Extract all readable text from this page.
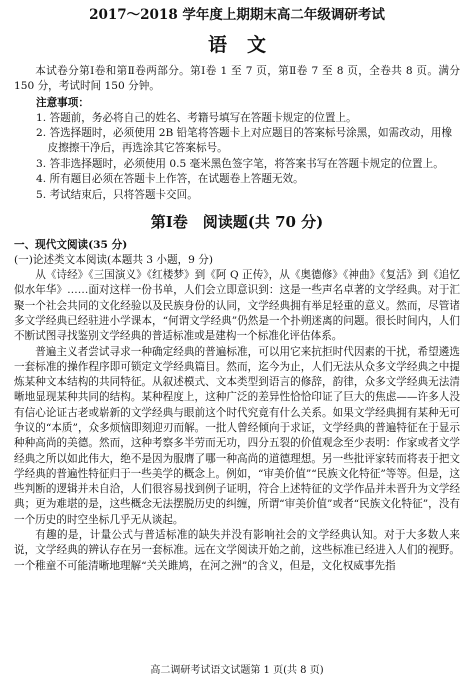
2017～2018 学年度上期期末高二年级调研考试
语文

本试卷分第Ⅰ卷和第Ⅱ卷两部分。第Ⅰ卷 1 至 7 页，第Ⅱ卷 7 至 8 页，全卷共 8 页。满分 150 分，考试时间 150 分钟。

注意事项：
1. 答题前，务必将自己的姓名、考籍号填写在答题卡规定的位置上。
2. 答选择题时，必须使用 2B 铅笔将答题卡上对应题目的答案标号涂黑，如需改动，用橡皮擦擦干净后，再选涂其它答案标号。
3. 答非选择题时，必须使用 0.5 毫米黑色签字笔，将答案书写在答题卡规定的位置上。
4. 所有题目必须在答题卡上作答，在试题卷上答题无效。
5. 考试结束后，只将答题卡交回。
第Ⅰ卷　阅读题(共 70 分)
一、现代文阅读(35 分)
(一)论述类文本阅读(本题共 3 小题，9 分)

从《诗经》《三国演义》《红楼梦》到《阿 Q 正传》，从《奥德修》《神曲》《复活》到《追忆似水年华》……面对这样一份书单，人们会立即意识到：这是一些声名卓著的文学经典。对于汇聚一个社会共同的文化经验以及民族身份的认同，文学经典拥有举足轻重的意义。然而，尽管诸多文学经典已经驻进小学课本，“何谓文学经典”仍然是一个扑朔迷离的问题。很长时间内，人们不断试图寻找鉴别文学经典的普适标准或是建构一个标准化评估体系。

普遍主义者尝试寻求一种确定经典的普遍标准，可以用它来抗拒时代因素的干扰，希望遴选一套标准的操作程序即可锁定文学经典篇目。然而，迄今为止，人们无法从众多文学经典之中提炼某种文本结构的共同特征。从叙述模式、文本类型到语言的修辞，韵律，众多文学经典无法清晰地显现某种共同的结构。某种程度上，这种广泛的差异性恰恰印证了巨大的焦虑——许多人没有信心论证古老或崭新的文学经典与眼前这个时代究竟有什么关系。如果文学经典拥有某种无可争议的“本质”，众多烦恼即刻迎刃而解。一批人曾经倾向于求证，文学经典的普遍特征在于显示种种高尚的美德。然而，这种考察多半劳而无功，四分五裂的价值观念至少表明：作家或者文学经典之所以如此伟大，绝不是因为服膺了哪一种高尚的道德理想。另一些批评家转而将表于把文学经典的普遍性特征归于一些美学的概念上。例如，“审美价值”“民族文化特征”等等。但是，这些判断的逻辑并未自洽，人们很容易找到例子证明，符合上述特征的文学作品并未晋升为文学经典；更为难堪的是，这些概念无法摆脱历史的纠缠，所谓“审美价值”或者“民族文化特征”，没有一个历史的时空坐标几乎无从谈起。

有趣的是，计量公式与普适标准的缺失并没有影响社会的文学经典认知。对于大多数人来说，文学经典的辨认存在另一套标准。远在文学阅读开始之前，这些标准已经进入人们的视野。一个稚童不可能清晰地理解“关关雎鸠，在河之洲”的含义，但是，文化权威事先指

高二调研考试语文试题第 1 页(共 8 页)
